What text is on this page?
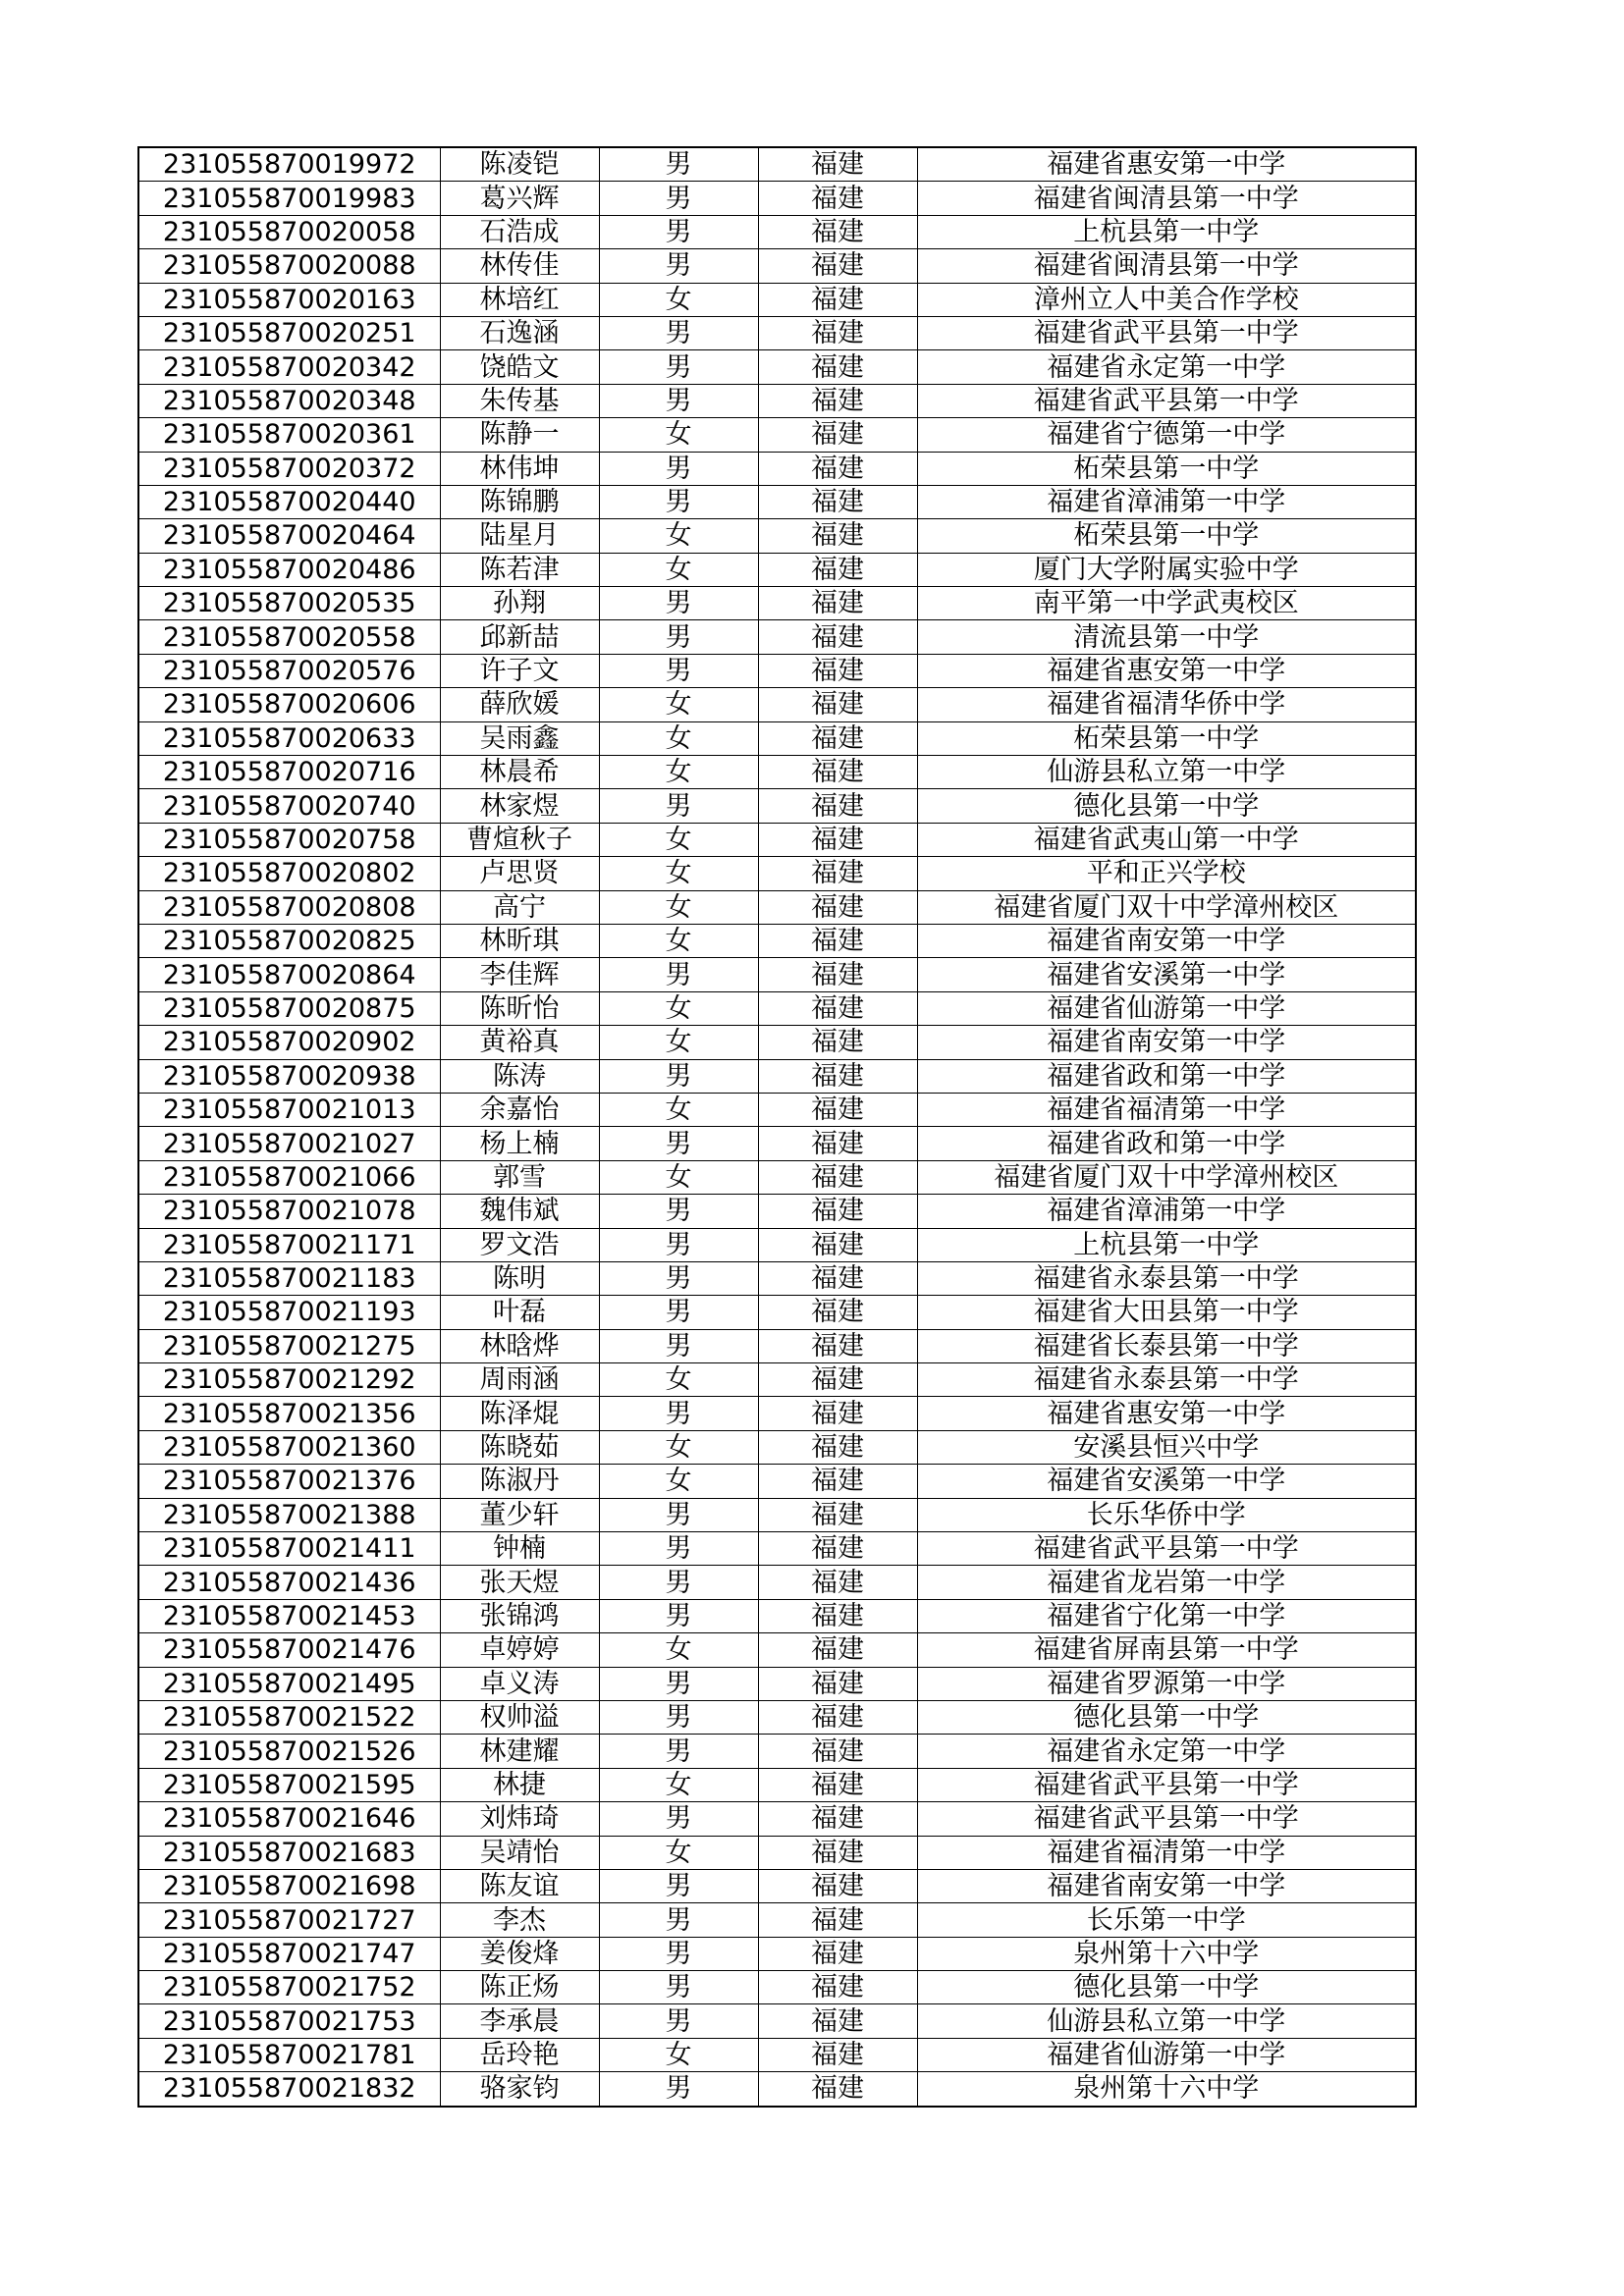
231055870019972	陈凌铠	男	福建	福建省惠安第一中学
231055870019983	葛兴辉	男	福建	福建省闽清县第一中学
231055870020058	石浩成	男	福建	上杭县第一中学
231055870020088	林传佳	男	福建	福建省闽清县第一中学
231055870020163	林培红	女	福建	漳州立人中美合作学校
231055870020251	石逸涵	男	福建	福建省武平县第一中学
231055870020342	饶皓文	男	福建	福建省永定第一中学
231055870020348	朱传基	男	福建	福建省武平县第一中学
231055870020361	陈静一	女	福建	福建省宁德第一中学
231055870020372	林伟坤	男	福建	柘荣县第一中学
231055870020440	陈锦鹏	男	福建	福建省漳浦第一中学
231055870020464	陆星月	女	福建	柘荣县第一中学
231055870020486	陈若津	女	福建	厦门大学附属实验中学
231055870020535	孙翔	男	福建	南平第一中学武夷校区
231055870020558	邱新喆	男	福建	清流县第一中学
231055870020576	许子文	男	福建	福建省惠安第一中学
231055870020606	薛欣媛	女	福建	福建省福清华侨中学
231055870020633	吴雨鑫	女	福建	柘荣县第一中学
231055870020716	林晨希	女	福建	仙游县私立第一中学
231055870020740	林家煜	男	福建	德化县第一中学
231055870020758	曹煊秋子	女	福建	福建省武夷山第一中学
231055870020802	卢思贤	女	福建	平和正兴学校
231055870020808	高宁	女	福建	福建省厦门双十中学漳州校区
231055870020825	林昕琪	女	福建	福建省南安第一中学
231055870020864	李佳辉	男	福建	福建省安溪第一中学
231055870020875	陈昕怡	女	福建	福建省仙游第一中学
231055870020902	黄裕真	女	福建	福建省南安第一中学
231055870020938	陈涛	男	福建	福建省政和第一中学
231055870021013	余嘉怡	女	福建	福建省福清第一中学
231055870021027	杨上楠	男	福建	福建省政和第一中学
231055870021066	郭雪	女	福建	福建省厦门双十中学漳州校区
231055870021078	魏伟斌	男	福建	福建省漳浦第一中学
231055870021171	罗文浩	男	福建	上杭县第一中学
231055870021183	陈明	男	福建	福建省永泰县第一中学
231055870021193	叶磊	男	福建	福建省大田县第一中学
231055870021275	林晗烨	男	福建	福建省长泰县第一中学
231055870021292	周雨涵	女	福建	福建省永泰县第一中学
231055870021356	陈泽焜	男	福建	福建省惠安第一中学
231055870021360	陈晓茹	女	福建	安溪县恒兴中学
231055870021376	陈淑丹	女	福建	福建省安溪第一中学
231055870021388	董少轩	男	福建	长乐华侨中学
231055870021411	钟楠	男	福建	福建省武平县第一中学
231055870021436	张天煜	男	福建	福建省龙岩第一中学
231055870021453	张锦鸿	男	福建	福建省宁化第一中学
231055870021476	卓婷婷	女	福建	福建省屏南县第一中学
231055870021495	卓义涛	男	福建	福建省罗源第一中学
231055870021522	权帅溢	男	福建	德化县第一中学
231055870021526	林建耀	男	福建	福建省永定第一中学
231055870021595	林捷	女	福建	福建省武平县第一中学
231055870021646	刘炜琦	男	福建	福建省武平县第一中学
231055870021683	吴靖怡	女	福建	福建省福清第一中学
231055870021698	陈友谊	男	福建	福建省南安第一中学
231055870021727	李杰	男	福建	长乐第一中学
231055870021747	姜俊烽	男	福建	泉州第十六中学
231055870021752	陈正炀	男	福建	德化县第一中学
231055870021753	李承晨	男	福建	仙游县私立第一中学
231055870021781	岳玲艳	女	福建	福建省仙游第一中学
231055870021832	骆家钧	男	福建	泉州第十六中学
